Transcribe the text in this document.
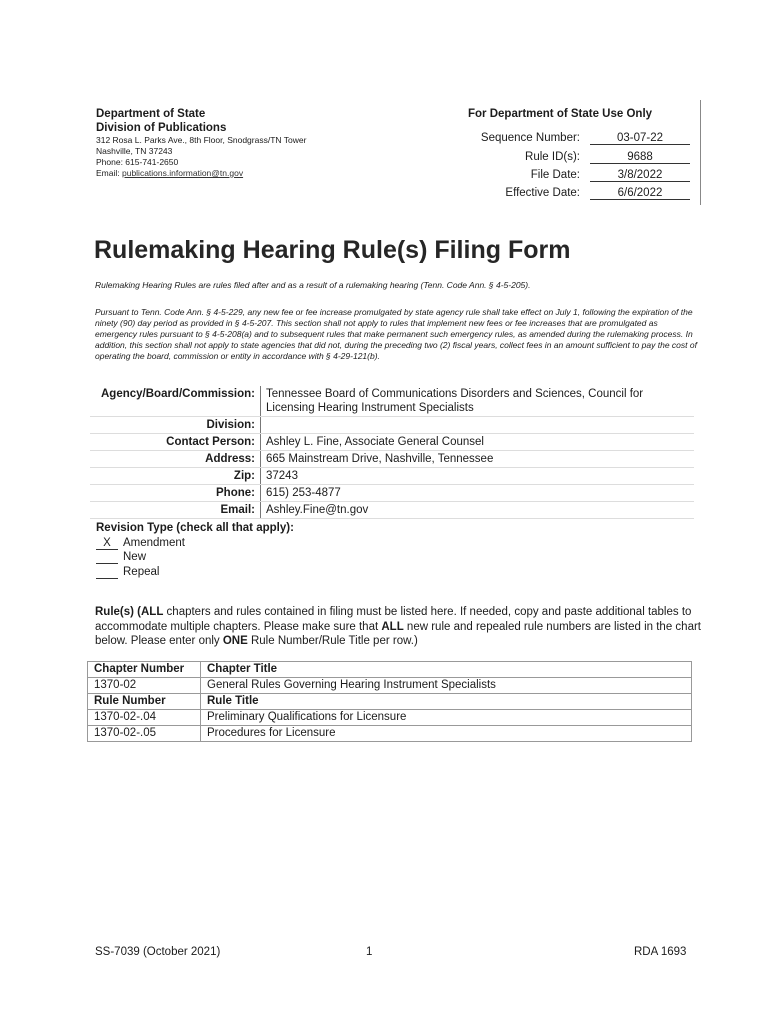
Department of State
Division of Publications
312 Rosa L. Parks Ave., 8th Floor, Snodgrass/TN Tower
Nashville, TN 37243
Phone: 615-741-2650
Email: publications.information@tn.gov
For Department of State Use Only
Sequence Number:	03-07-22
Rule ID(s):	9688
File Date:	3/8/2022
Effective Date:	6/6/2022
Rulemaking Hearing Rule(s) Filing Form
Rulemaking Hearing Rules are rules filed after and as a result of a rulemaking hearing (Tenn. Code Ann. § 4-5-205).
Pursuant to Tenn. Code Ann. § 4-5-229, any new fee or fee increase promulgated by state agency rule shall take effect on July 1, following the expiration of the ninety (90) day period as provided in § 4-5-207. This section shall not apply to rules that implement new fees or fee increases that are promulgated as emergency rules pursuant to § 4-5-208(a) and to subsequent rules that make permanent such emergency rules, as amended during the rulemaking process. In addition, this section shall not apply to state agencies that did not, during the preceding two (2) fiscal years, collect fees in an amount sufficient to pay the cost of operating the board, commission or entity in accordance with § 4-29-121(b).
Agency/Board/Commission:	Tennessee Board of Communications Disorders and Sciences, Council for Licensing Hearing Instrument Specialists
Division:	
Contact Person:	Ashley L. Fine, Associate General Counsel
Address:	665 Mainstream Drive, Nashville, Tennessee
Zip:	37243
Phone:	615) 253-4877
Email:	Ashley.Fine@tn.gov
Revision Type (check all that apply):
X	Amendment
New
Repeal
Rule(s) (ALL chapters and rules contained in filing must be listed here. If needed, copy and paste additional tables to accommodate multiple chapters. Please make sure that ALL new rule and repealed rule numbers are listed in the chart below. Please enter only ONE Rule Number/Rule Title per row.)
Chapter Number	Chapter Title
1370-02	General Rules Governing Hearing Instrument Specialists
Rule Number	Rule Title
1370-02-.04	Preliminary Qualifications for Licensure
1370-02-.05	Procedures for Licensure
SS-7039 (October 2021)	1	RDA 1693
